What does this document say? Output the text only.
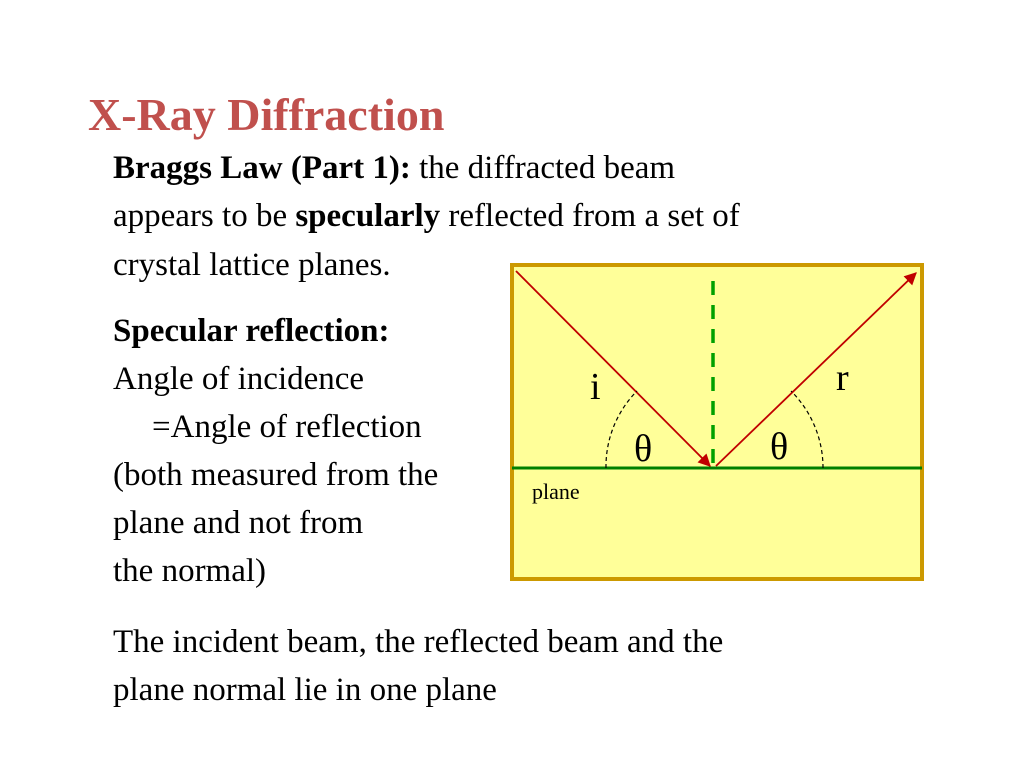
X-Ray Diffraction
Braggs Law (Part 1): the diffracted beam
appears to be specularly reflected from a set of
crystal lattice planes.
Specular reflection:
Angle of incidence
=Angle of reflection
(both measured from the
plane and not from
the normal)
The incident beam, the reflected beam and the
plane normal lie in one plane
i	r
θ	θ
plane
